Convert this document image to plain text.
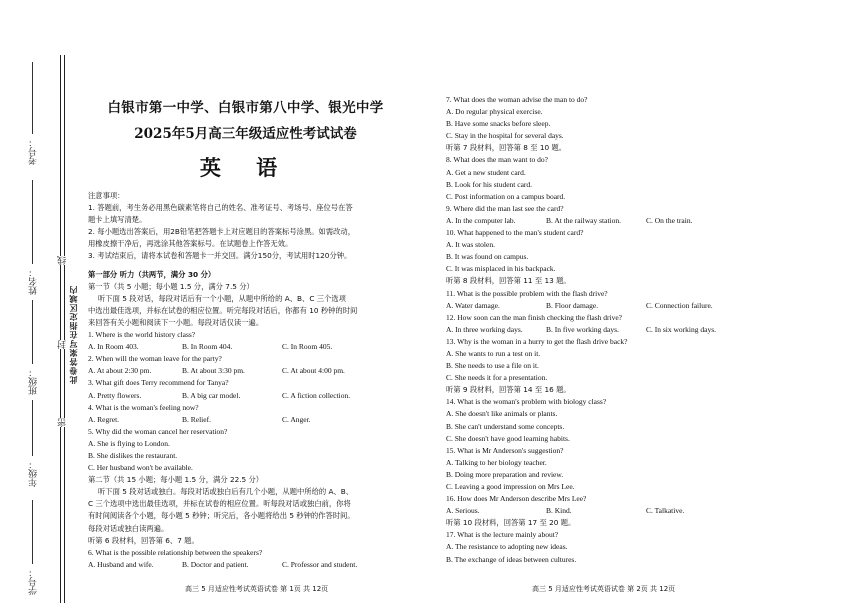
考号：
姓名：
班级：
年级：
学号：
此卷答案写在指定区域内
线
封
密
白银市第一中学、白银市第八中学、银光中学
2025年5月高三年级适应性考试试卷
英 语
注意事项：
1. 答题前，考生务必用黑色碳素笔将自己的姓名、准考证号、考场号、座位号在答
题卡上填写清楚。
2. 每小题选出答案后，用2B铅笔把答题卡上对应题目的答案标号涂黑。如需改动，
用橡皮擦干净后，再选涂其他答案标号。在试题卷上作答无效。
3. 考试结束后，请将本试卷和答题卡一并交回。满分150分，考试用时120分钟。
第一部分 听力（共两节，满分 30 分）
第一节（共 5 小题；每小题 1.5 分，满分 7.5 分）
听下面 5 段对话，每段对话后有一个小题，从题中所给的 A、B、C 三个选项
中选出最佳选项，并标在试卷的相应位置。听完每段对话后，你都有 10 秒钟的时间
来回答有关小题和阅读下一小题。每段对话仅读一遍。
1. Where is the world history class?
A. In Room 403.	B. In Room 404.	C. In Room 405.
2. When will the woman leave for the party?
A. At about 2:30 pm.	B. At about 3:30 pm.	C. At about 4:00 pm.
3. What gift does Terry recommend for Tanya?
A. Pretty flowers.	B. A big car model.	C. A fiction collection.
4. What is the woman's feeling now?
A. Regret.	B. Relief.	C. Anger.
5. Why did the woman cancel her reservation?
A. She is flying to London.
B. She dislikes the restaurant.
C. Her husband won't be available.
第二节（共 15 小题；每小题 1.5 分，满分 22.5 分）
听下面 5 段对话或独白。每段对话或独白后有几个小题，从题中所给的 A、B、
C 三个选项中选出最佳选项，并标在试卷的相应位置。听每段对话或独白前，你将
有时间阅读各个小题，每小题 5 秒钟；听完后，各小题将给出 5 秒钟的作答时间。
每段对话或独白读两遍。
听第 6 段材料，回答第 6、7 题。
6. What is the possible relationship between the speakers?
A. Husband and wife.	B. Doctor and patient.	C. Professor and student.
7. What does the woman advise the man to do?
A. Do regular physical exercise.
B. Have some snacks before sleep.
C. Stay in the hospital for several days.
听第 7 段材料，回答第 8 至 10 题。
8. What does the man want to do?
A. Get a new student card.
B. Look for his student card.
C. Post information on a campus board.
9. Where did the man last see the card?
A. In the computer lab.	B. At the railway station.	C. On the train.
10. What happened to the man's student card?
A. It was stolen.
B. It was found on campus.
C. It was misplaced in his backpack.
听第 8 段材料，回答第 11 至 13 题。
11. What is the possible problem with the flash drive?
A. Water damage.	B. Floor damage.	C. Connection failure.
12. How soon can the man finish checking the flash drive?
A. In three working days.	B. In five working days.	C. In six working days.
13. Why is the woman in a hurry to get the flash drive back?
A. She wants to run a test on it.
B. She needs to use a file on it.
C. She needs it for a presentation.
听第 9 段材料，回答第 14 至 16 题。
14. What is the woman's problem with biology class?
A. She doesn't like animals or plants.
B. She can't understand some concepts.
C. She doesn't have good learning habits.
15. What is Mr Anderson's suggestion?
A. Talking to her biology teacher.
B. Doing more preparation and review.
C. Leaving a good impression on Mrs Lee.
16. How does Mr Anderson describe Mrs Lee?
A. Serious.	B. Kind.	C. Talkative.
听第 10 段材料，回答第 17 至 20 题。
17. What is the lecture mainly about?
A. The resistance to adopting new ideas.
B. The exchange of ideas between cultures.
高三 5 月适应性考试英语试卷 第 1页 共 12页	高三 5 月适应性考试英语试卷 第 2页 共 12页
